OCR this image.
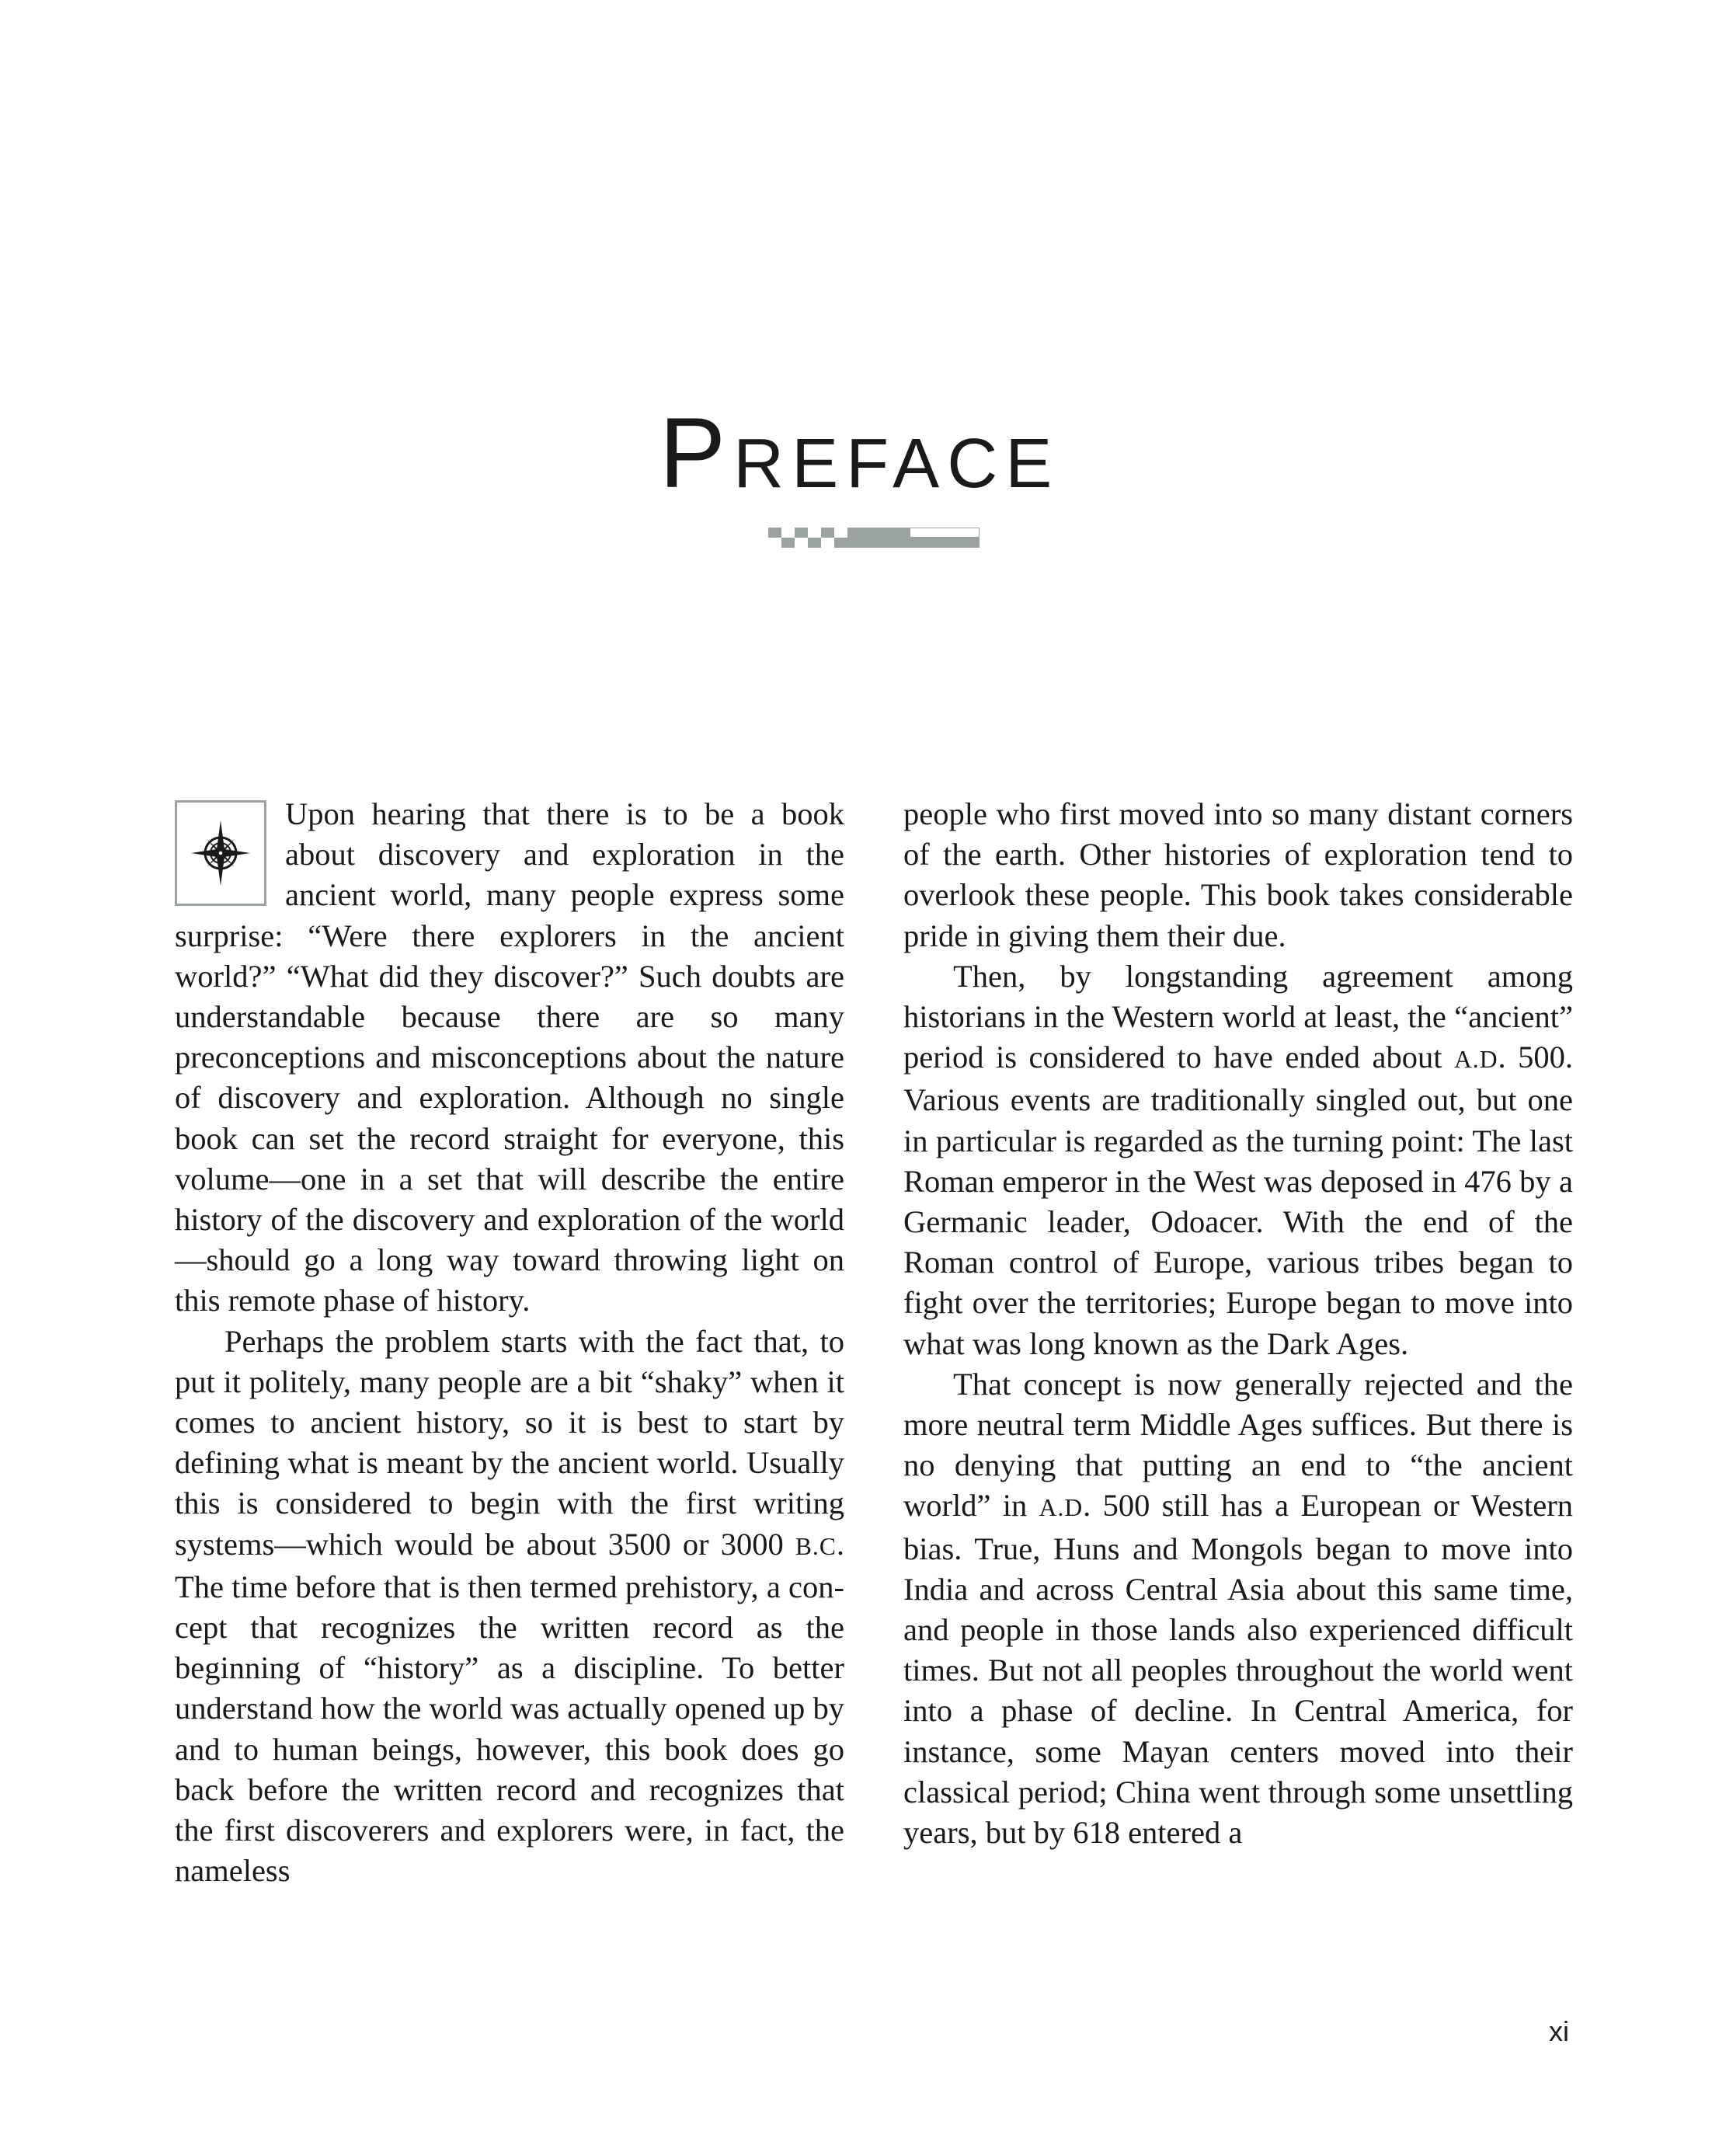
Preface

Upon hearing that there is to be a book about discovery and exploration in the ancient world, many people express some surprise: “Were there explorers in the ancient world?” “What did they discover?” Such doubts are understandable because there are so many preconceptions and misconceptions about the nature of discovery and exploration. Although no single book can set the record straight for everyone, this volume—one in a set that will describe the entire history of the discovery and exploration of the world—should go a long way toward throwing light on this remote phase of history.

Perhaps the problem starts with the fact that, to put it politely, many people are a bit “shaky” when it comes to ancient history, so it is best to start by defining what is meant by the ancient world. Usually this is considered to begin with the first writing systems—which would be about 3500 or 3000 B.C. The time before that is then termed prehistory, a concept that recognizes the written record as the beginning of “history” as a discipline. To better understand how the world was actually opened up by and to human beings, however, this book does go back before the written record and recognizes that the first discoverers and explorers were, in fact, the nameless

people who first moved into so many distant corners of the earth. Other histories of exploration tend to overlook these people. This book takes considerable pride in giving them their due.

Then, by longstanding agreement among historians in the Western world at least, the “ancient” period is considered to have ended about A.D. 500. Various events are traditionally singled out, but one in particular is regarded as the turning point: The last Roman emperor in the West was deposed in 476 by a Germanic leader, Odoacer. With the end of the Roman control of Europe, various tribes began to fight over the territories; Europe began to move into what was long known as the Dark Ages.

That concept is now generally rejected and the more neutral term Middle Ages suffices. But there is no denying that putting an end to “the ancient world” in A.D. 500 still has a European or Western bias. True, Huns and Mongols began to move into India and across Central Asia about this same time, and people in those lands also experienced difficult times. But not all peoples throughout the world went into a phase of decline. In Central America, for instance, some Mayan centers moved into their classical period; China went through some unsettling years, but by 618 entered a

xi
